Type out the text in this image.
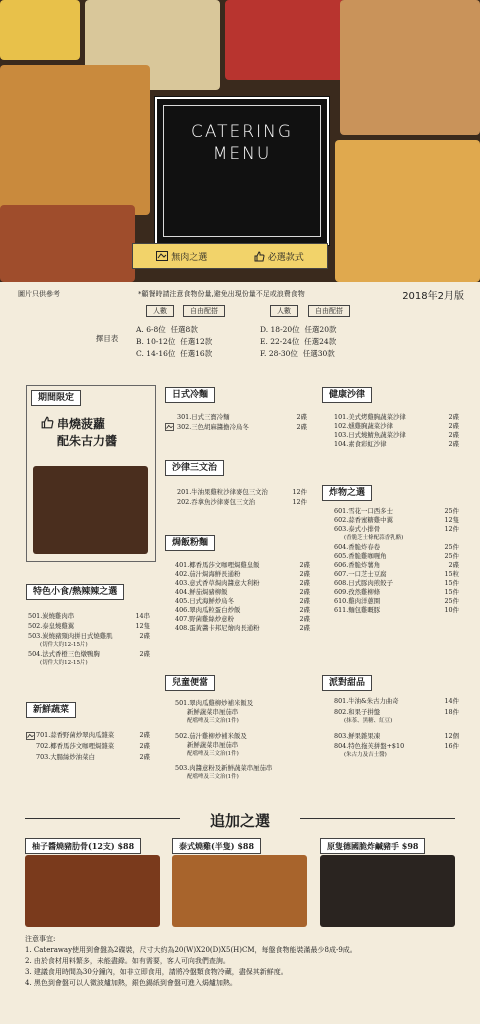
CATERING
MENU
無肉之選	必選款式
圖片只供參考	*顧餐時請注意食物份量,避免出現份量不足或浪費食物	2018年2月版
擇目表
人數	自由配搭	人數	自由配搭
A. 6-8位 任選8款
B. 10-12位 任選12款
C. 14-16位 任選16款
D. 18-20位 任選20款
E. 22-24位 任選24款
F. 28-30位 任選30款
期間限定
串燒菠蘿
配朱古力醬
日式冷麵
301.日式三寶冷麵	2碟
302.三色胡麻醬擔冷烏冬	2碟
沙律三文治
201.牛油果雞粒沙律麥包三文治	12件
202.吞拿魚沙律麥包三文治	12件
健康沙律
101.美式烤雞胸蔬菜沙律	2碟
102.燻雞胸蔬菜沙律	2碟
103.日式燒鯖魚蔬菜沙律	2碟
104.素食彩虹沙律	2碟
炸物之選
601.雪花一口西多士	25件
602.蒜香蜜糖雞中翼	12隻
603.泰式小排骨	12件
(香脆芝士條配蒜香乳酪)
604.香脆炸春卷	25件
605.香脆雞咖喱角	25件
606.香脆炸薯角	2碟
607.一口芝士豆腐	15粒
608.日式豚肉煎餃子	15件
609.孜然雞柳條	15件
610.雞肉洋蔥圈	25件
611.麵包雞嘅豚	10件
焗飯粉麵
401.椰香馬莎文咖哩焗雞皇飯	2碟
402.茄汁焗海鮮長通粉	2碟
403.意式香草焗肉醬意大利粉	2碟
404.鮮茄焗豬柳飯	2碟
405.日式海鮮炒烏冬	2碟
406.翠肉瓜粒蛋白炒飯	2碟
407.野菌雞絲炒意粉	2碟
408.蛋黃醬卡邦尼燴肉長通粉	2碟
特色小食/熱辣辣之選
501.炭燒雞肉串	14串
502.泰皇燒雞翼	12隻
503.炭燒豬頸肉拼日式燒雞肌	2碟
(切件大約12-15片)
504.法式香橙三色燉鴨胸	2碟
(切件大約12-15片)
兒童便當
501.翠肉瓜雞柳炒補米飯及
新鮮蔬菜串厘茄串
配噹啤及三文治(1件)
502.茄汁雞柳炒補米飯及
新鮮蔬菜串厘茄串
配噹啤及三文治(1件)
503.肉醬意粉及新鮮蔬菜串厘茄串
配噹啤及三文治(1件)
新鮮蔬菜
701.蒜香野菌炒翠肉瓜雜菜	2碟
702.椰香馬莎文咖哩焗雜菜	2碟
703.大腸絲炒油菜白	2碟
派對甜品
801.牛油&朱古力曲奇	14件
802.和果子拼盤	18件
(抹茶、黑糖、紅豆)
803.鮮果雜果凍	12個
804.特色拖芙拼盤+$10	16件
(朱古力及吉士醬)
追加之選
柚子醬燒豬肋骨(12支) $88	泰式燒雞(半隻) $88	原隻德國脆炸鹹豬手 $98
注意事宜:
1. Cateraway使用到會盤為2碟裝，尺寸大約為20(W)X20(D)X5(H)CM，每盤食物能裝滿最少8成-9成。
2. 由於食材用料繁多，未能盡錄。如有需要，客人可向我們查詢。
3. 建議食用時間為30分鐘內，如非立即食用，請將冷盤類食物冷藏，盡保其新鮮度。
4. 黑色到會盤可以人微波爐加熱，銀色錫紙到會盤可進入焗爐加熱。
